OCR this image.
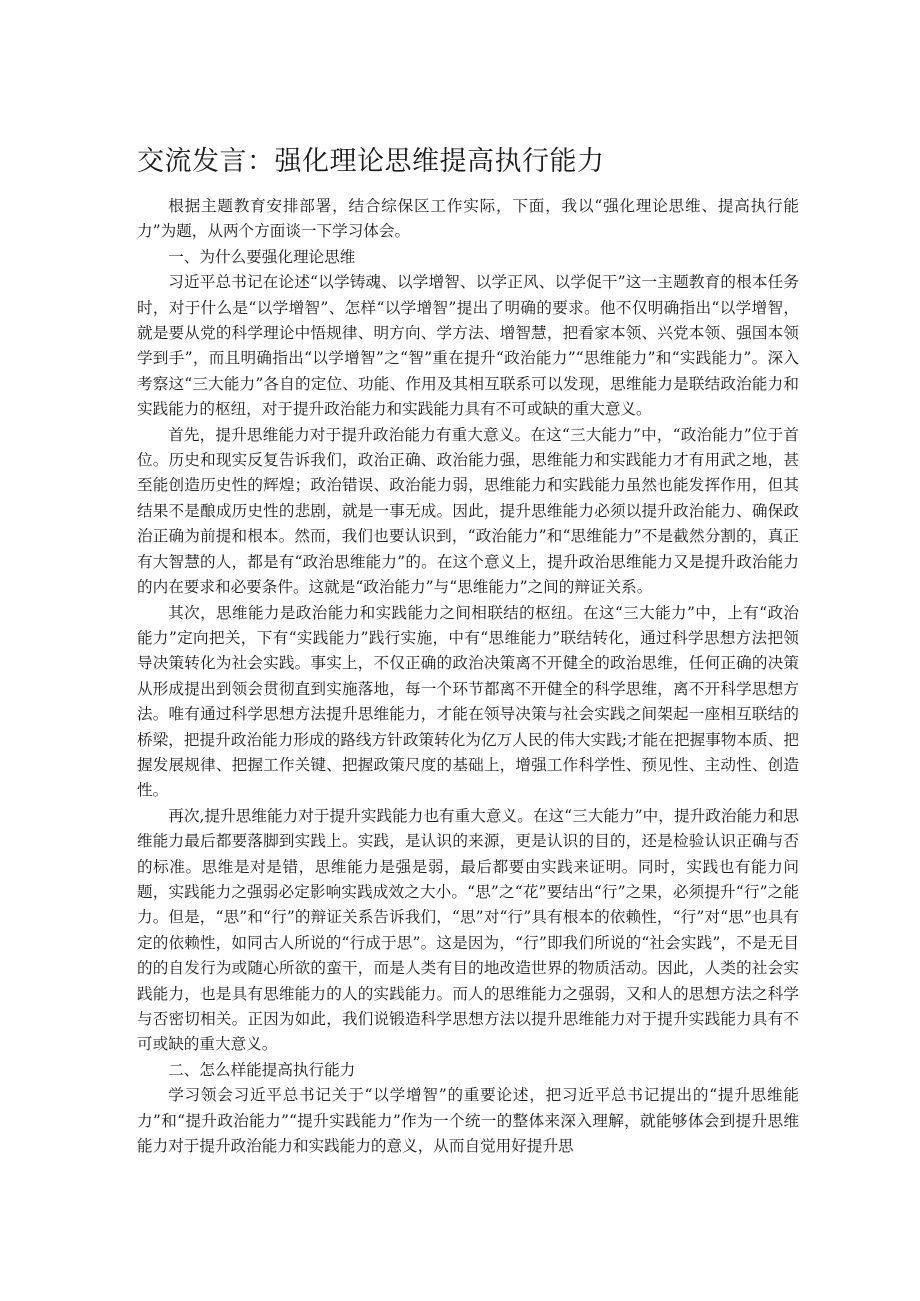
交流发言：强化理论思维提高执行能力

根据主题教育安排部署，结合综保区工作实际，下面，我以“强化理论思维、提高执行能力”为题，从两个方面谈一下学习体会。

一、为什么要强化理论思维

习近平总书记在论述“以学铸魂、以学增智、以学正风、以学促干”这一主题教育的根本任务时，对于什么是“以学增智”、怎样“以学增智”提出了明确的要求。他不仅明确指出“以学增智，就是要从党的科学理论中悟规律、明方向、学方法、增智慧，把看家本领、兴党本领、强国本领学到手”，而且明确指出“以学增智”之“智”重在提升“政治能力”“思维能力”和“实践能力”。深入考察这“三大能力”各自的定位、功能、作用及其相互联系可以发现，思维能力是联结政治能力和实践能力的枢纽，对于提升政治能力和实践能力具有不可或缺的重大意义。

首先，提升思维能力对于提升政治能力有重大意义。在这“三大能力”中，“政治能力”位于首位。历史和现实反复告诉我们，政治正确、政治能力强，思维能力和实践能力才有用武之地，甚至能创造历史性的辉煌；政治错误、政治能力弱，思维能力和实践能力虽然也能发挥作用，但其结果不是酿成历史性的悲剧，就是一事无成。因此，提升思维能力必须以提升政治能力、确保政治正确为前提和根本。然而，我们也要认识到，“政治能力”和“思维能力”不是截然分割的，真正有大智慧的人，都是有“政治思维能力”的。在这个意义上，提升政治思维能力又是提升政治能力的内在要求和必要条件。这就是“政治能力”与“思维能力”之间的辩证关系。

其次，思维能力是政治能力和实践能力之间相联结的枢纽。在这“三大能力”中，上有“政治能力”定向把关，下有“实践能力”践行实施，中有“思维能力”联结转化，通过科学思想方法把领导决策转化为社会实践。事实上，不仅正确的政治决策离不开健全的政治思维，任何正确的决策从形成提出到领会贯彻直到实施落地，每一个环节都离不开健全的科学思维，离不开科学思想方法。唯有通过科学思想方法提升思维能力，才能在领导决策与社会实践之间架起一座相互联结的桥梁，把提升政治能力形成的路线方针政策转化为亿万人民的伟大实践;才能在把握事物本质、把握发展规律、把握工作关键、把握政策尺度的基础上，增强工作科学性、预见性、主动性、创造性。

再次,提升思维能力对于提升实践能力也有重大意义。在这“三大能力”中，提升政治能力和思维能力最后都要落脚到实践上。实践，是认识的来源，更是认识的目的，还是检验认识正确与否的标准。思维是对是错，思维能力是强是弱，最后都要由实践来证明。同时，实践也有能力问题，实践能力之强弱必定影响实践成效之大小。“思”之“花”要结出“行”之果，必须提升“行”之能力。但是，“思”和“行”的辩证关系告诉我们，“思”对“行”具有根本的依赖性，“行”对“思”也具有定的依赖性，如同古人所说的“行成于思”。这是因为，“行”即我们所说的“社会实践”，不是无目的的自发行为或随心所欲的蛮干，而是人类有目的地改造世界的物质活动。因此，人类的社会实践能力，也是具有思维能力的人的实践能力。而人的思维能力之强弱，又和人的思想方法之科学与否密切相关。正因为如此，我们说锻造科学思想方法以提升思维能力对于提升实践能力具有不可或缺的重大意义。

二、怎么样能提高执行能力

学习领会习近平总书记关于“以学增智”的重要论述，把习近平总书记提出的“提升思维能力”和“提升政治能力”“提升实践能力”作为一个统一的整体来深入理解，就能够体会到提升思维能力对于提升政治能力和实践能力的意义，从而自觉用好提升思
